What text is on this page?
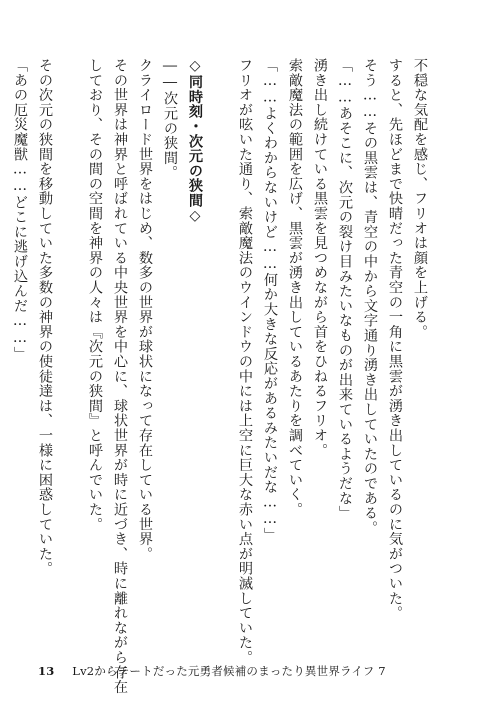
不穏な気配を感じ、フリオは顔を上げる。
すると、先ほどまで快晴だった青空の一角に黒雲が湧き出しているのに気がついた。
そう……その黒雲は、青空の中から文字通り湧き出していたのである。
「……あそこに、次元の裂け目みたいなものが出来ているようだな」
湧き出し続けている黒雲を見つめながら首をひねるフリオ。
索敵魔法の範囲を広げ、黒雲が湧き出しているあたりを調べていく。
「……よくわからないけど……何か大きな反応があるみたいだな……」
フリオが呟いた通り、索敵魔法のウインドウの中には上空に巨大な赤い点が明滅していた。
◇同時刻・次元の狭間◇
――次元の狭間。
クライロード世界をはじめ、数多の世界が球状になって存在している世界。
その世界は神界と呼ばれている中央世界を中心に、球状世界が時に近づき、時に離れながら存在
しており、その間の空間を神界の人々は『次元の狭間』と呼んでいた。
その次元の狭間を移動していた多数の神界の使徒達は、一様に困惑していた。
「あの厄災魔獣……どこに逃げ込んだ……」
13 Lv2からチートだった元勇者候補のまったり異世界ライフ 7
